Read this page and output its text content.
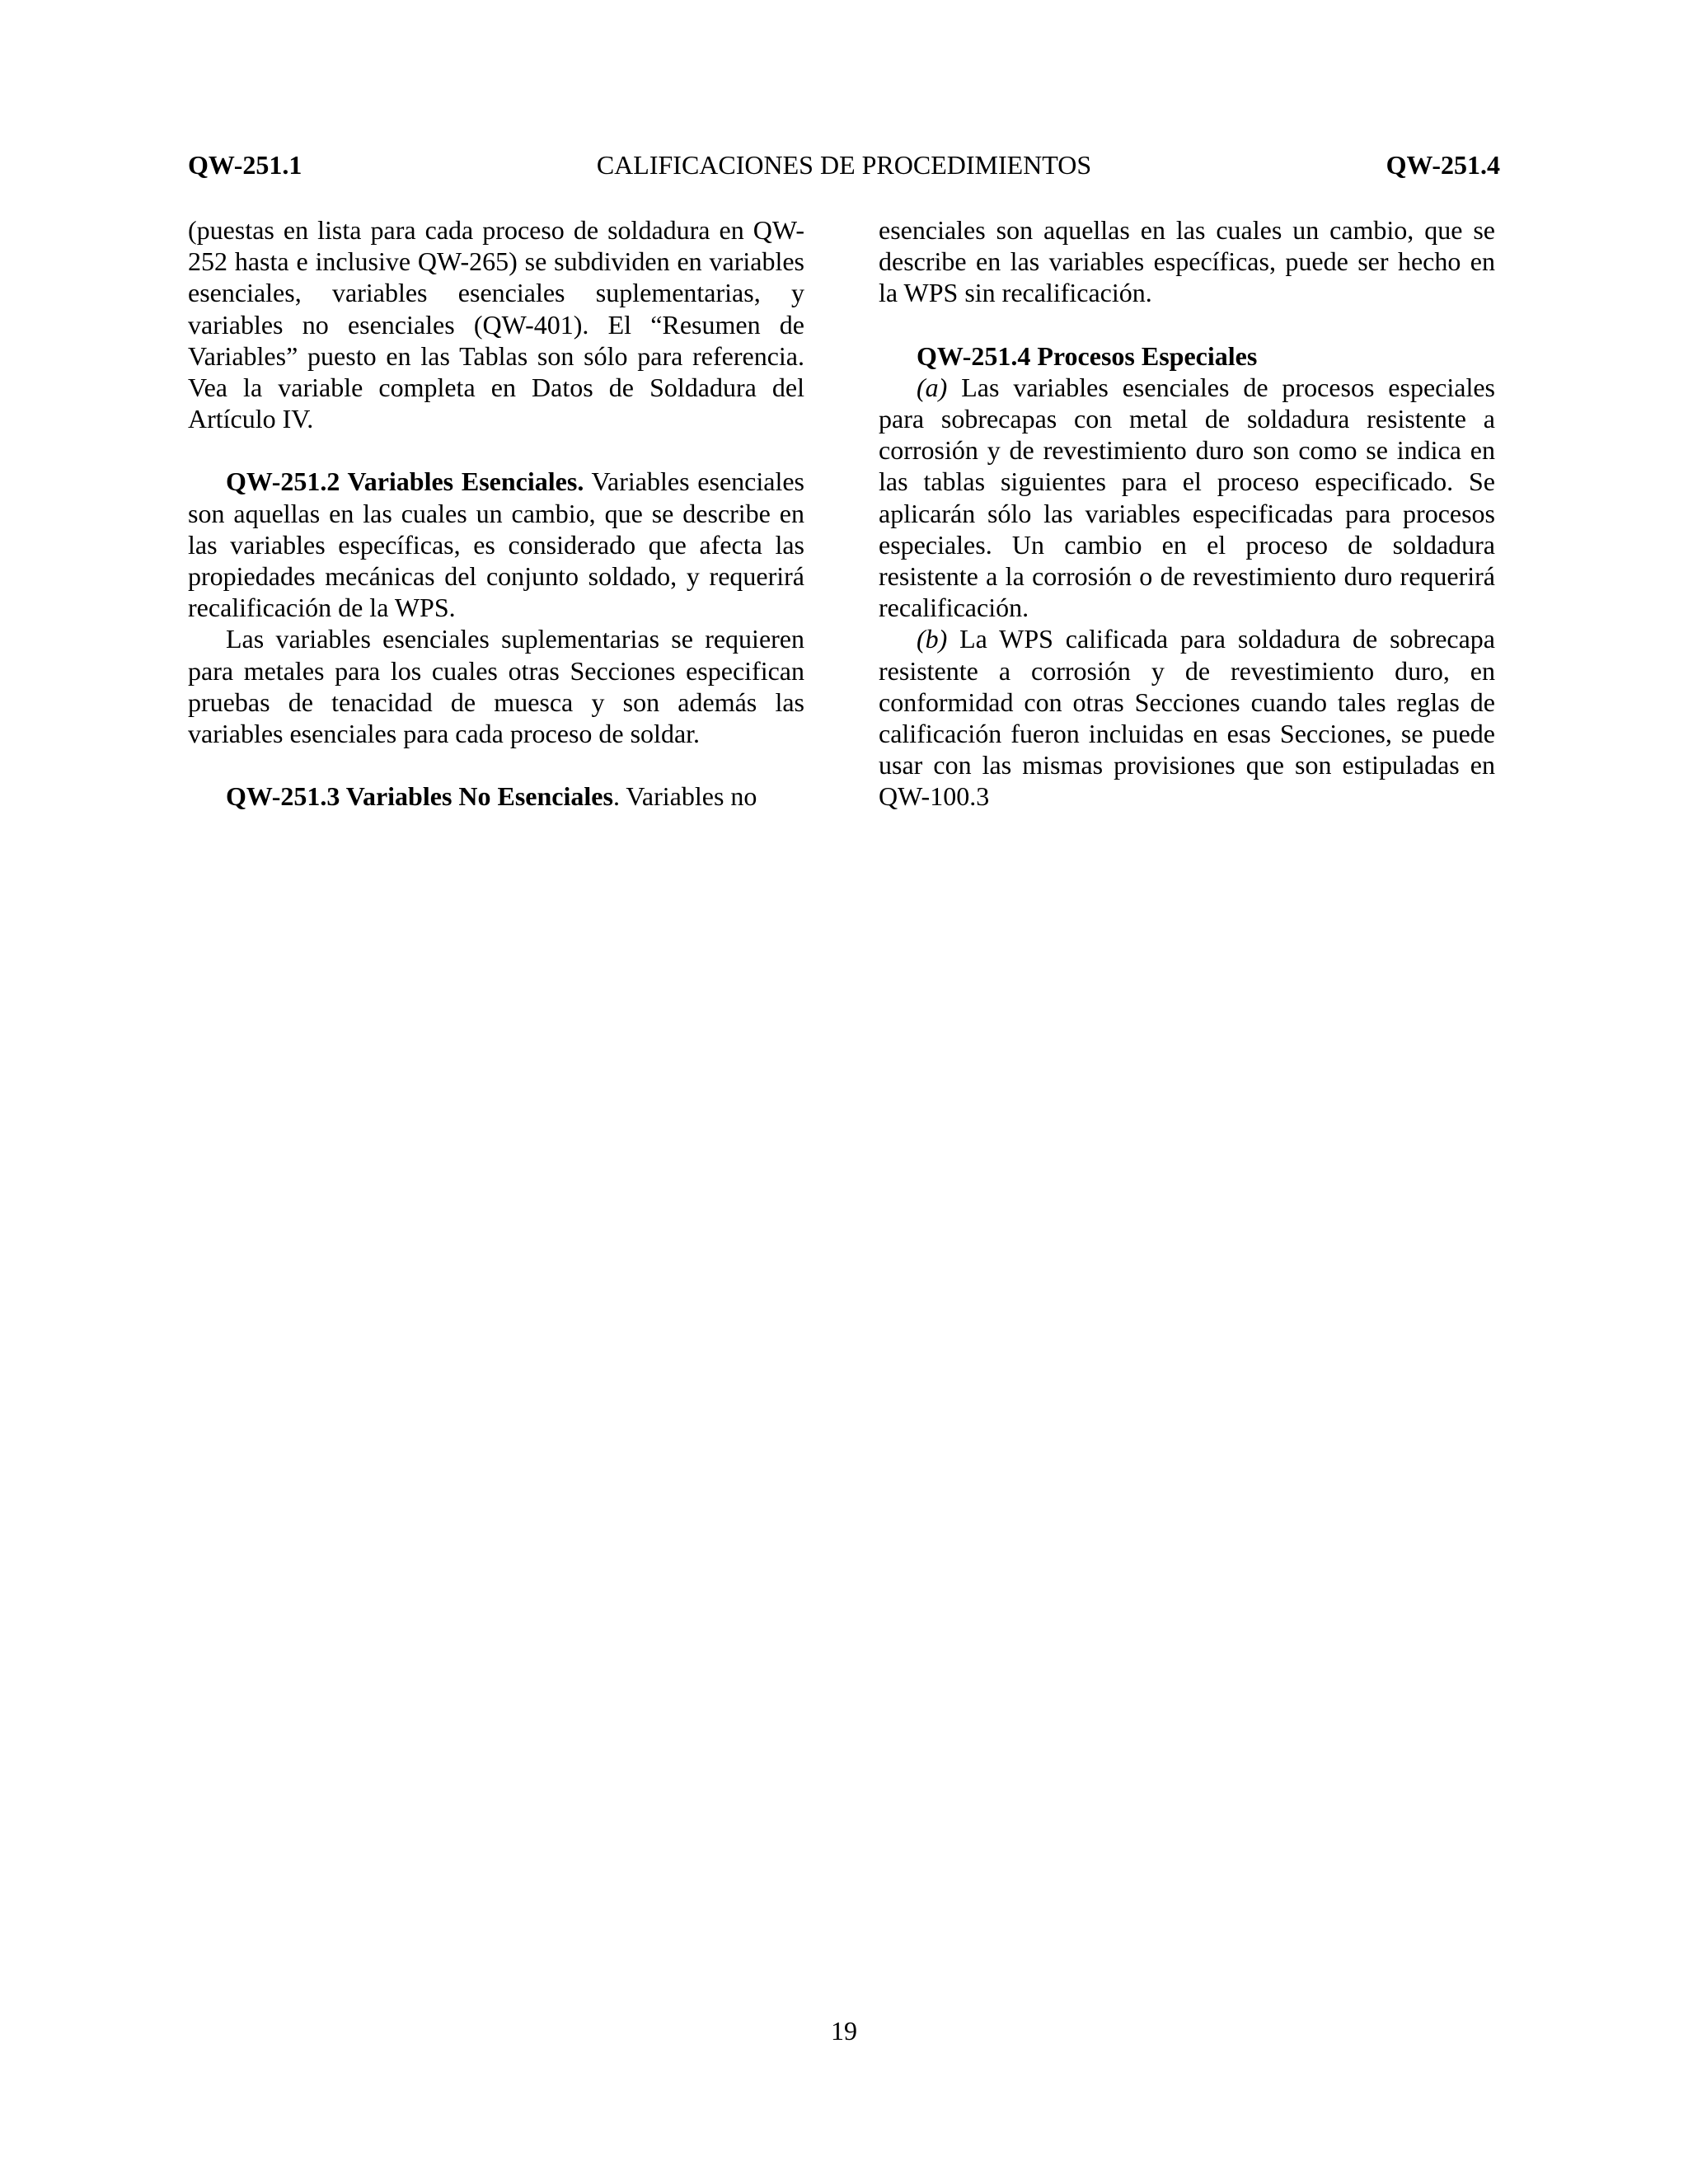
CALIFICACIONES DE PROCEDIMIENTOS
QW-251.1	QW-251.4

(puestas en lista para cada proceso de soldadura en QW-252 hasta e inclusive QW-265) se subdividen en variables esenciales, variables esenciales suplementarias, y variables no esenciales (QW-401). El “Resumen de Variables” puesto en las Tablas son sólo para referencia. Vea la variable completa en Datos de Soldadura del Artículo IV.

QW-251.2 Variables Esenciales. Variables esenciales son aquellas en las cuales un cambio, que se describe en las variables específicas, es considerado que afecta las propiedades mecánicas del conjunto soldado, y requerirá recalificación de la WPS.

Las variables esenciales suplementarias se requieren para metales para los cuales otras Secciones especifican pruebas de tenacidad de muesca y son además las variables esenciales para cada proceso de soldar.

QW-251.3 Variables No Esenciales. Variables no

esenciales son aquellas en las cuales un cambio, que se describe en las variables específicas, puede ser hecho en la WPS sin recalificación.

QW-251.4 Procesos Especiales

(a) Las variables esenciales de procesos especiales para sobrecapas con metal de soldadura resistente a corrosión y de revestimiento duro son como se indica en las tablas siguientes para el proceso especificado. Se aplicarán sólo las variables especificadas para procesos especiales. Un cambio en el proceso de soldadura resistente a la corrosión o de revestimiento duro requerirá recalificación.

(b) La WPS calificada para soldadura de sobrecapa resistente a corrosión y de revestimiento duro, en conformidad con otras Secciones cuando tales reglas de calificación fueron incluidas en esas Secciones, se puede usar con las mismas provisiones que son estipuladas en QW-100.3

19
